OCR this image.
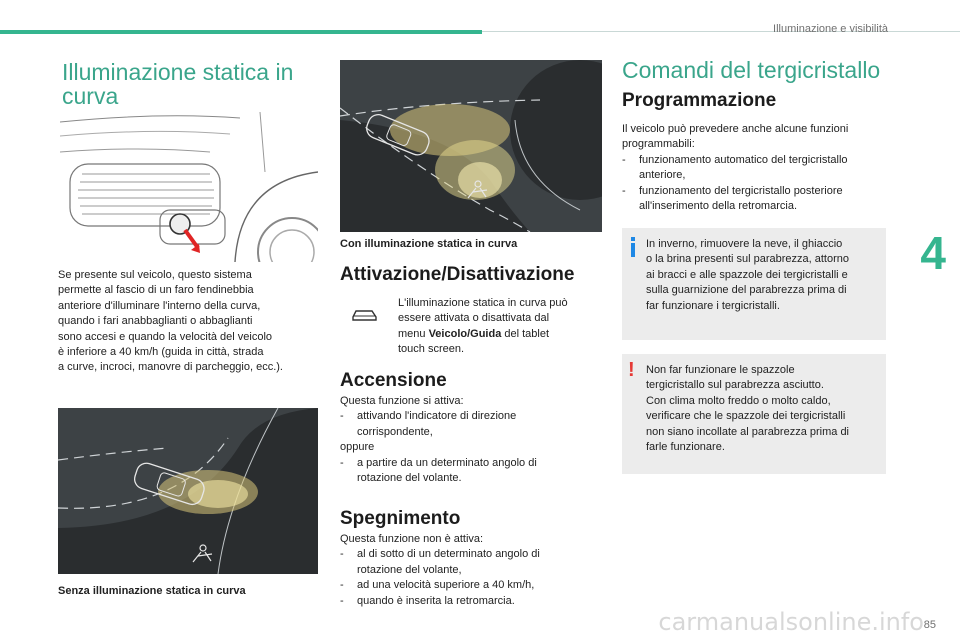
Illuminazione e visibilità
4
Illuminazione statica in
curva
Se presente sul veicolo, questo sistema
permette al fascio di un faro fendinebbia
anteriore d'illuminare l'interno della curva,
quando i fari anabbaglianti o abbaglianti
sono accesi e quando la velocità del veicolo
è inferiore a 40 km/h (guida in città, strada
a curve, incroci, manovre di parcheggio, ecc.).
Senza illuminazione statica in curva
Con illuminazione statica in curva
Attivazione/Disattivazione
L'illuminazione statica in curva può
essere attivata o disattivata dal
menu Veicolo/Guida del tablet
touch screen.
Accensione
Questa funzione si attiva:
- attivando l'indicatore di direzione
corrispondente,
oppure
- a partire da un determinato angolo di
rotazione del volante.
Spegnimento
Questa funzione non è attiva:
- al di sotto di un determinato angolo di
rotazione del volante,
- ad una velocità superiore a 40 km/h,
- quando è inserita la retromarcia.
Comandi del tergicristallo
Programmazione
Il veicolo può prevedere anche alcune funzioni
programmabili:
- funzionamento automatico del tergicristallo
anteriore,
- funzionamento del tergicristallo posteriore
all'inserimento della retromarcia.
In inverno, rimuovere la neve, il ghiaccio
o la brina presenti sul parabrezza, attorno
ai bracci e alle spazzole dei tergicristalli e
sulla guarnizione del parabrezza prima di
far funzionare i tergicristalli.
! Non far funzionare le spazzole
tergicristallo sul parabrezza asciutto.
Con clima molto freddo o molto caldo,
verificare che le spazzole dei tergicristalli
non siano incollate al parabrezza prima di
farle funzionare.
85
carmanualsonline.info
